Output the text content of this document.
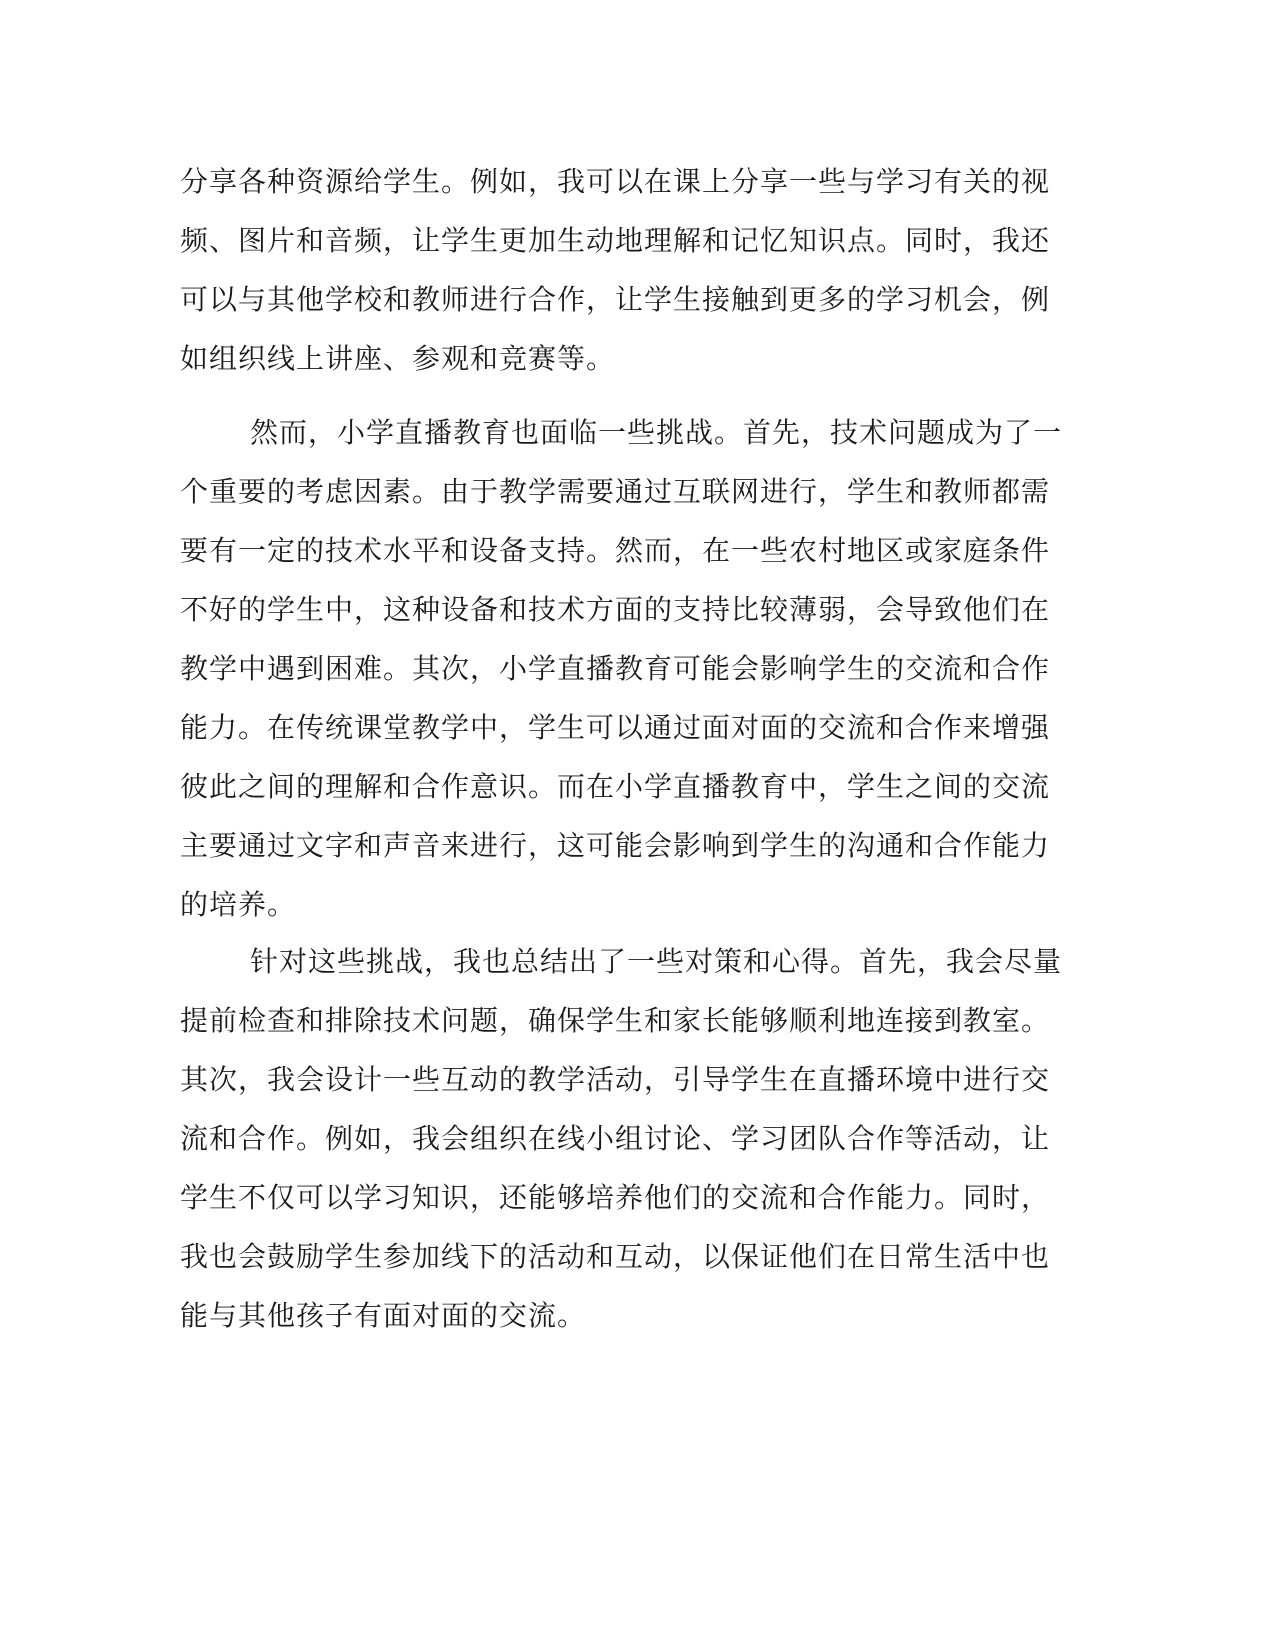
分享各种资源给学生。例如，我可以在课上分享一些与学习有关的视
频、图片和音频，让学生更加生动地理解和记忆知识点。同时，我还
可以与其他学校和教师进行合作，让学生接触到更多的学习机会，例
如组织线上讲座、参观和竞赛等。
然而，小学直播教育也面临一些挑战。首先，技术问题成为了一
个重要的考虑因素。由于教学需要通过互联网进行，学生和教师都需
要有一定的技术水平和设备支持。然而，在一些农村地区或家庭条件
不好的学生中，这种设备和技术方面的支持比较薄弱，会导致他们在
教学中遇到困难。其次，小学直播教育可能会影响学生的交流和合作
能力。在传统课堂教学中，学生可以通过面对面的交流和合作来增强
彼此之间的理解和合作意识。而在小学直播教育中，学生之间的交流
主要通过文字和声音来进行，这可能会影响到学生的沟通和合作能力
的培养。
针对这些挑战，我也总结出了一些对策和心得。首先，我会尽量
提前检查和排除技术问题，确保学生和家长能够顺利地连接到教室。
其次，我会设计一些互动的教学活动，引导学生在直播环境中进行交
流和合作。例如，我会组织在线小组讨论、学习团队合作等活动，让
学生不仅可以学习知识，还能够培养他们的交流和合作能力。同时，
我也会鼓励学生参加线下的活动和互动，以保证他们在日常生活中也
能与其他孩子有面对面的交流。
